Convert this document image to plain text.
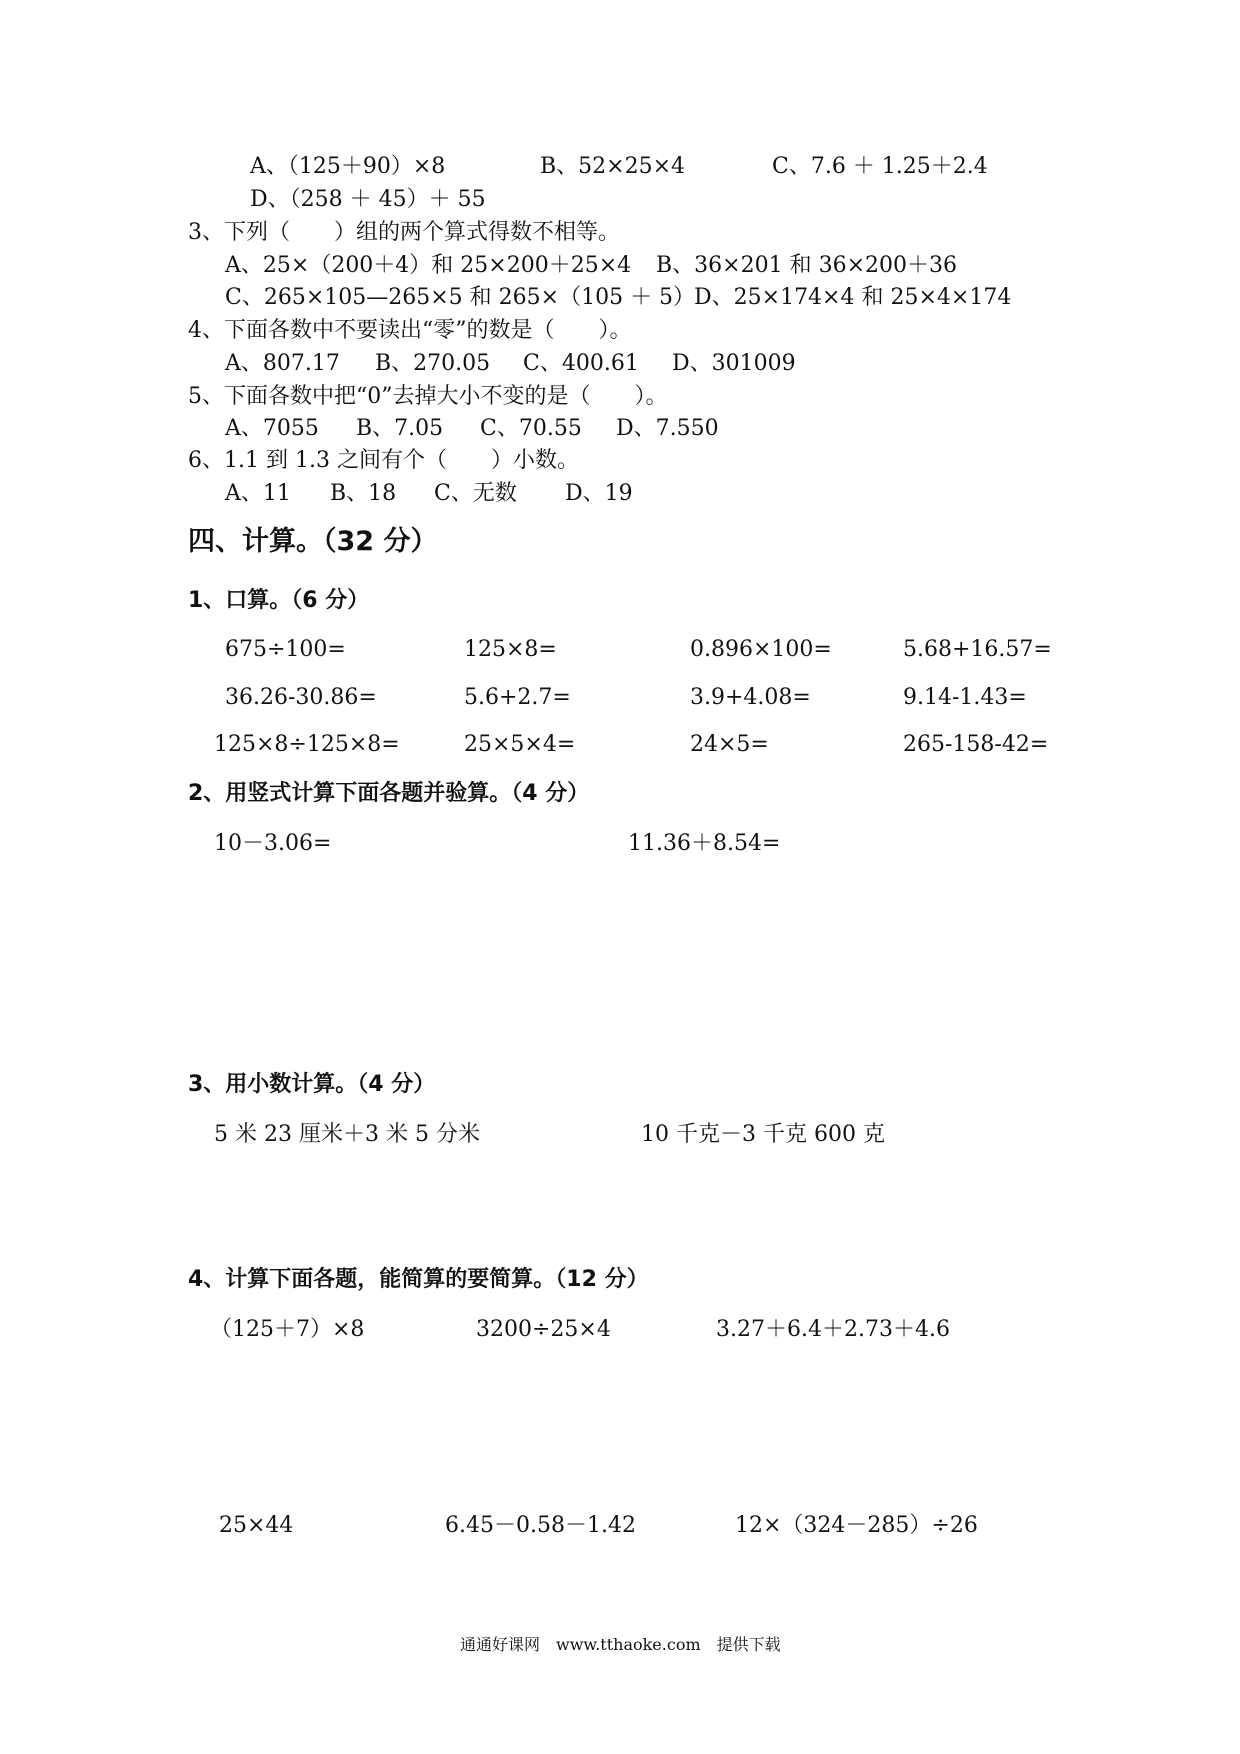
A、（125＋90）×8	B、52×25×4	C、7.6 ＋ 1.25＋2.4
D、（258 ＋ 45）＋ 55
3、下列（　　）组的两个算式得数不相等。
A、25×（200＋4）和 25×200＋25×4 B、36×201 和 36×200＋36
C、265×105—265×5 和 265×（105 ＋ 5）
D、25×174×4 和 25×4×174
4、下面各数中不要读出“零”的数是（　　）。
A、807.17 B、270.05 C、400.61 D、301009
5、下面各数中把“0”去掉大小不变的是（　　）。
A、7055 B、7.05 C、70.55 D、7.550
6、1.1 到 1.3 之间有个（　　）小数。
A、11 B、18 C、无数 D、19
四、计算。（32 分）
1、口算。（6 分）
675÷100=	125×8=	0.896×100=	5.68+16.57=
36.26-30.86=	5.6+2.7=	3.9+4.08=	9.14-1.43=
125×8÷125×8=	25×5×4=	24×5=	265-158-42=
2、用竖式计算下面各题并验算。（4 分）
10－3.06=	11.36＋8.54=
3、用小数计算。（4 分）
5 米 23 厘米＋3 米 5 分米	10 千克－3 千克 600 克
4、计算下面各题，能简算的要简算。（12 分）
（125＋7）×8	3200÷25×4	3.27＋6.4＋2.73＋4.6
25×44	6.45－0.58－1.42	12×（324－285）÷26
通通好课网　www.tthaoke.com　提供下载
